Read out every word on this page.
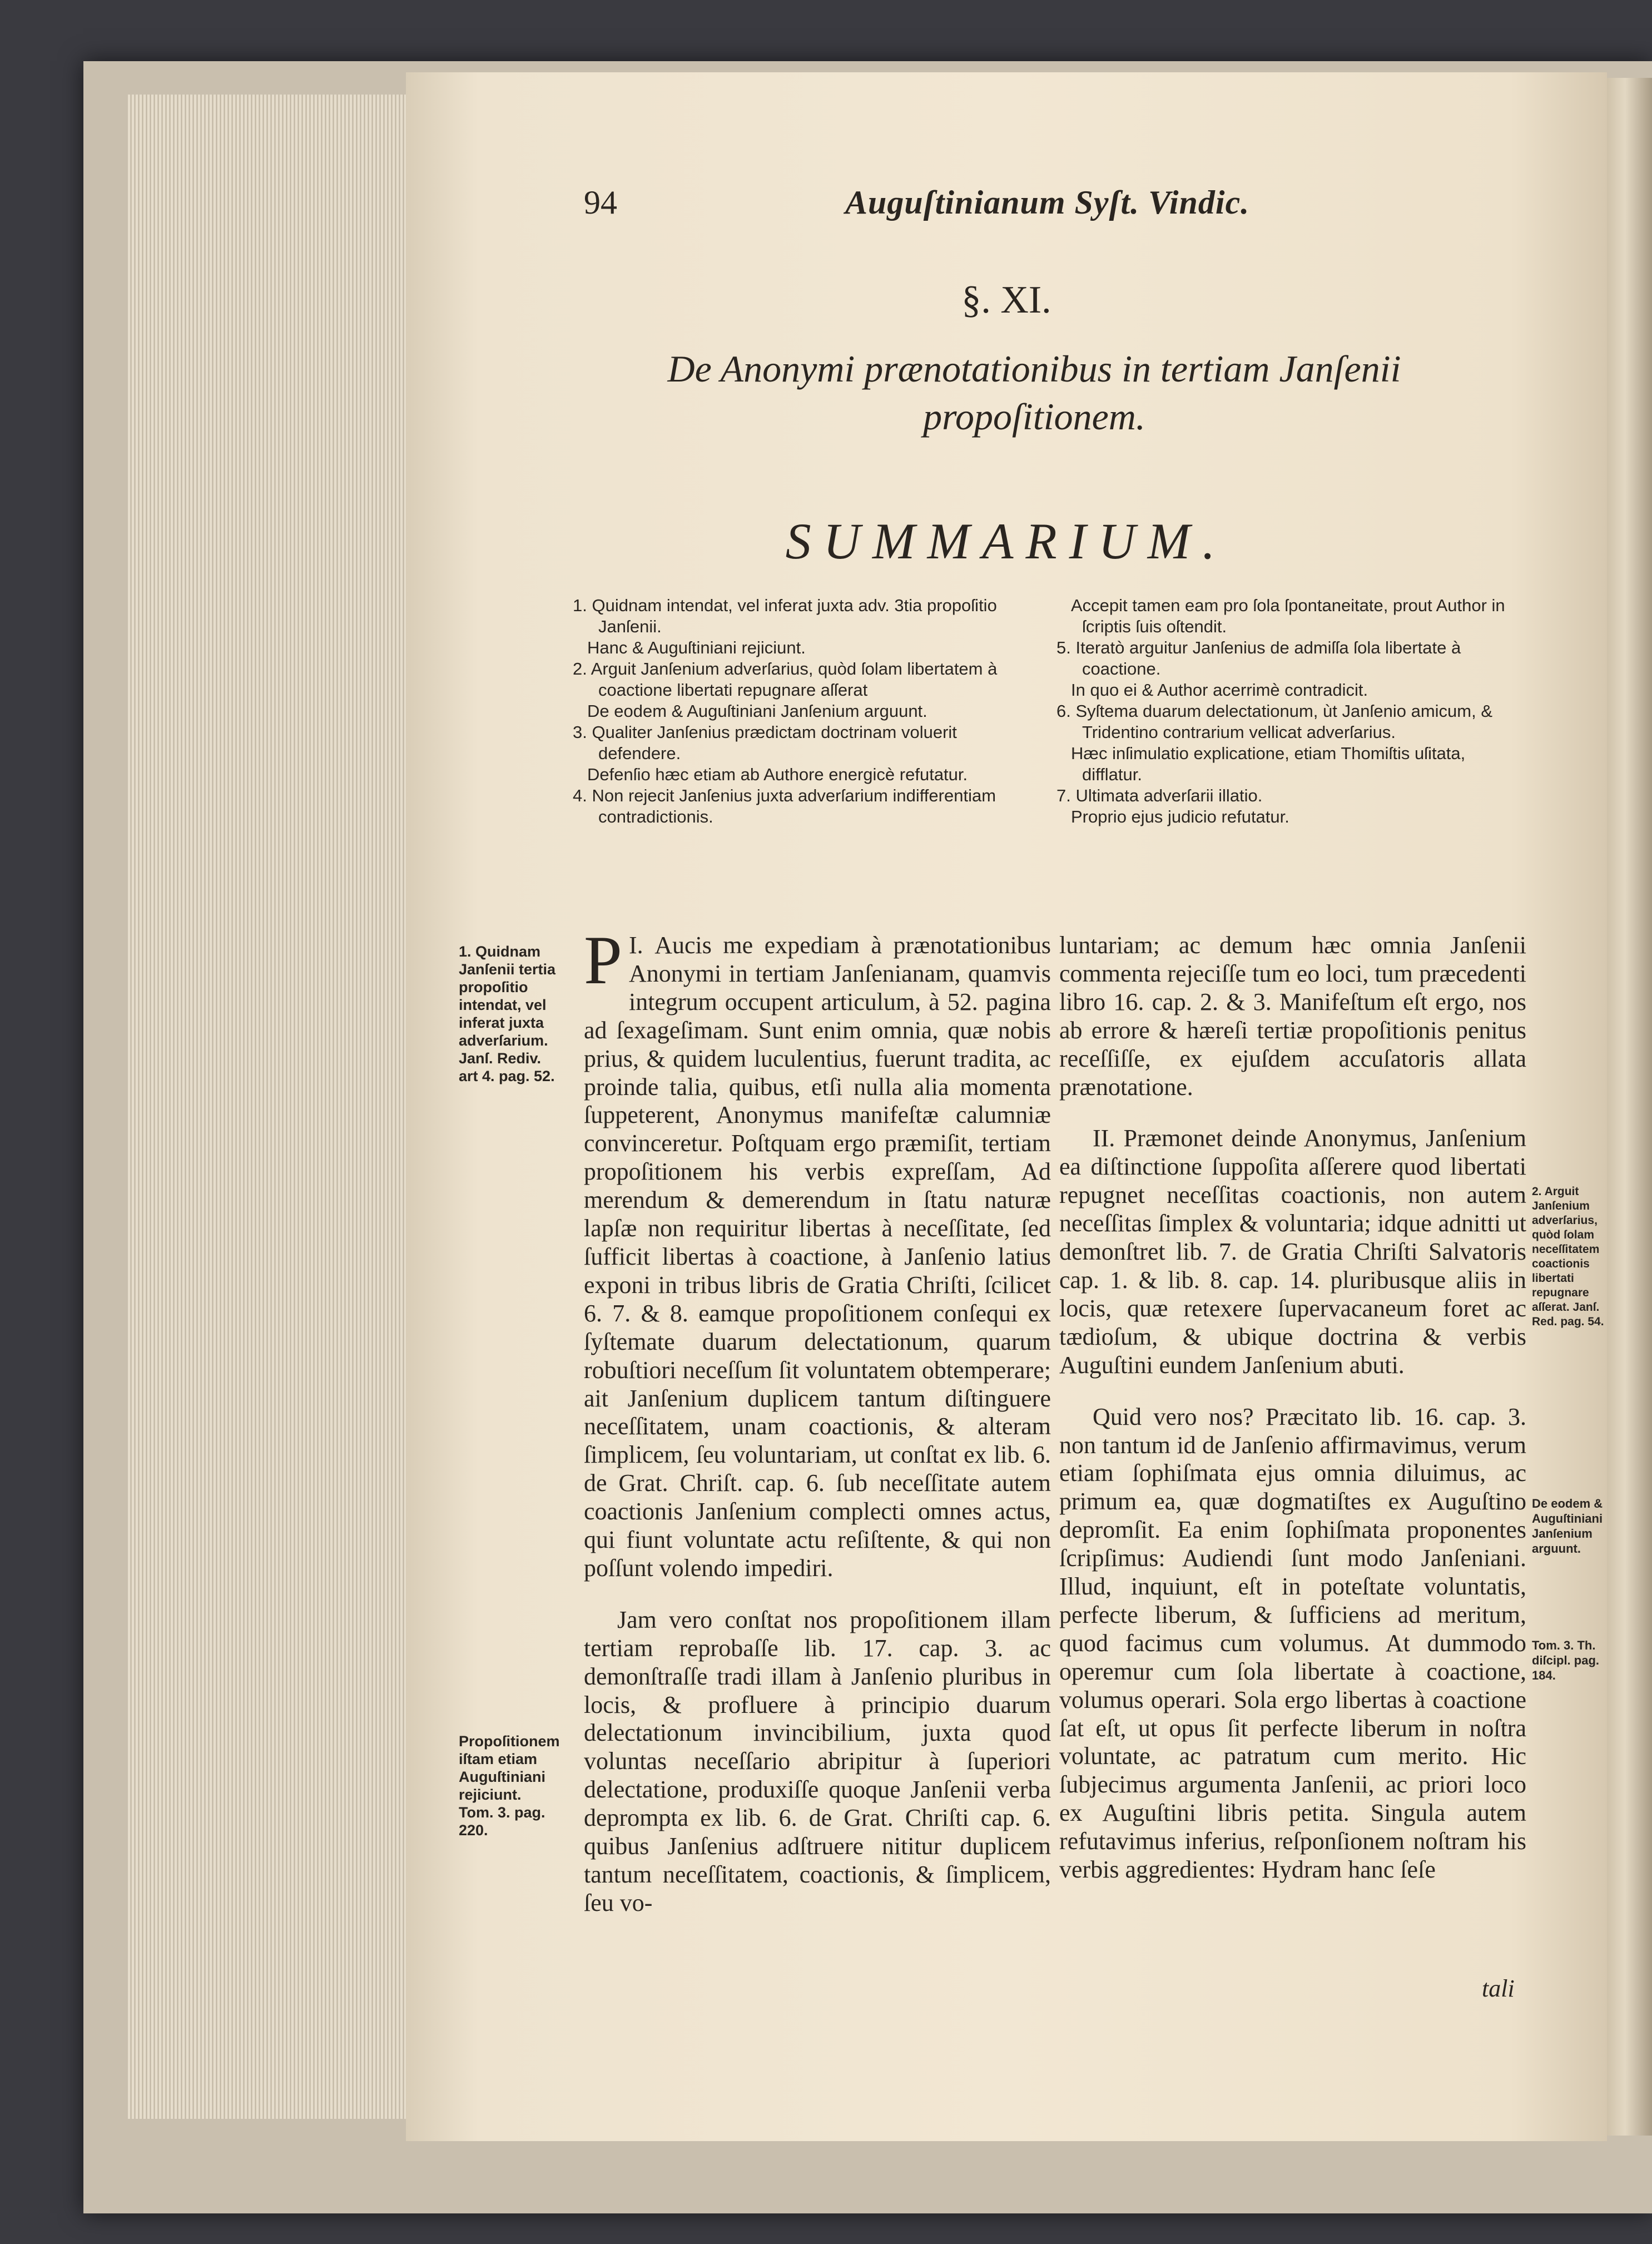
94	Auguſtinianum Syſt. Vindic.
§. XI.
De Anonymi prænotationibus in tertiam Janſenii propoſitionem.
SUMMARIUM.

1. Quidnam intendat, vel inferat juxta adv. 3tia propoſitio Janſenii.

Hanc & Auguſtiniani rejiciunt.

2. Arguit Janſenium adverſarius, quòd ſolam libertatem à coactione libertati repugnare aſſerat

De eodem & Auguſtiniani Janſenium arguunt.

3. Qualiter Janſenius prædictam doctrinam voluerit defendere.

Defenſio hæc etiam ab Authore energicè refutatur.

4. Non rejecit Janſenius juxta adverſarium indifferentiam contradictionis.

Accepit tamen eam pro ſola ſpontaneitate, prout Author in ſcriptis ſuis oſtendit.

5. Iteratò arguitur Janſenius de admiſſa ſola libertate à coactione.

In quo ei & Author acerrimè contradicit.

6. Syſtema duarum delectationum, ùt Janſenio amicum, & Tridentino contrarium vellicat adverſarius.

Hæc inſimulatio explicatione, etiam Thomiſtis uſitata, difflatur.

7. Ultimata adverſarii illatio.

Proprio ejus judicio refutatur.

1. Quidnam Janſenii tertia propoſitio intendat, vel inferat juxta adverſarium. Janſ. Rediv. art 4. pag. 52.
Propoſitionem iſtam etiam Auguſtiniani rejiciunt. Tom. 3. pag. 220.
2. Arguit Janſenium adverſarius, quòd ſolam neceſſitatem coactionis libertati repugnare aſſerat. Janſ. Red. pag. 54.
De eodem & Auguſtiniani Janſenium arguunt.
Tom. 3. Th. diſcipl. pag. 184.

I.
P Aucis me expediam à prænotationibus Anonymi in tertiam Janſenianam, quamvis integrum occupent articulum, à 52. pagina ad ſexageſimam. Sunt enim omnia, quæ nobis prius, & quidem luculentius, fuerunt tradita, ac proinde talia, quibus, etſi nulla alia momenta ſuppeterent, Anonymus manifeſtæ calumniæ convinceretur. Poſtquam ergo præmiſit, tertiam propoſitionem his verbis expreſſam, Ad merendum & demerendum in ſtatu naturæ lapſæ non requiritur libertas à neceſſitate, ſed ſufficit libertas à coactione, à Janſenio latius exponi in tribus libris de Gratia Chriſti, ſcilicet 6. 7. & 8. eamque propoſitionem conſequi ex ſyſtemate duarum delectationum, quarum robuſtiori neceſſum ſit voluntatem obtemperare; ait Janſenium duplicem tantum diſtinguere neceſſitatem, unam coactionis, & alteram ſimplicem, ſeu voluntariam, ut conſtat ex lib. 6. de Grat. Chriſt. cap. 6. ſub neceſſitate autem coactionis Janſenium complecti omnes actus, qui fiunt voluntate actu reſiſtente, & qui non poſſunt volendo impediri.

Jam vero conſtat nos propoſitionem illam tertiam reprobaſſe lib. 17. cap. 3. ac demonſtraſſe tradi illam à Janſenio pluribus in locis, & profluere à principio duarum delectationum invincibilium, juxta quod voluntas neceſſario abripitur à ſuperiori delectatione, produxiſſe quoque Janſenii verba deprompta ex lib. 6. de Grat. Chriſti cap. 6. quibus Janſenius adſtruere nititur duplicem tantum neceſſitatem, coactionis, & ſimplicem, ſeu vo-

luntariam; ac demum hæc omnia Janſenii commenta rejeciſſe tum eo loci, tum præcedenti libro 16. cap. 2. & 3. Manifeſtum eſt ergo, nos ab errore & hæreſi tertiæ propoſitionis penitus receſſiſſe, ex ejuſdem accuſatoris allata prænotatione.

II. Præmonet deinde Anonymus, Janſenium ea diſtinctione ſuppoſita aſſerere quod libertati repugnet neceſſitas coactionis, non autem neceſſitas ſimplex & voluntaria; idque adnitti ut demonſtret lib. 7. de Gratia Chriſti Salvatoris cap. 1. & lib. 8. cap. 14. pluribusque aliis in locis, quæ retexere ſupervacaneum foret ac tædioſum, & ubique doctrina & verbis Auguſtini eundem Janſenium abuti.

Quid vero nos? Præcitato lib. 16. cap. 3. non tantum id de Janſenio affirmavimus, verum etiam ſophiſmata ejus omnia diluimus, ac primum ea, quæ dogmatiſtes ex Auguſtino depromſit. Ea enim ſophiſmata proponentes ſcripſimus: Audiendi ſunt modo Janſeniani. Illud, inquiunt, eſt in poteſtate voluntatis, perfecte liberum, & ſufficiens ad meritum, quod facimus cum volumus. At dummodo operemur cum ſola libertate à coactione, volumus operari. Sola ergo libertas à coactione ſat eſt, ut opus ſit perfecte liberum in noſtra voluntate, ac patratum cum merito. Hic ſubjecimus argumenta Janſenii, ac priori loco ex Auguſtini libris petita. Singula autem refutavimus inferius, reſponſionem noſtram his verbis aggredientes: Hydram hanc ſeſe

tali
